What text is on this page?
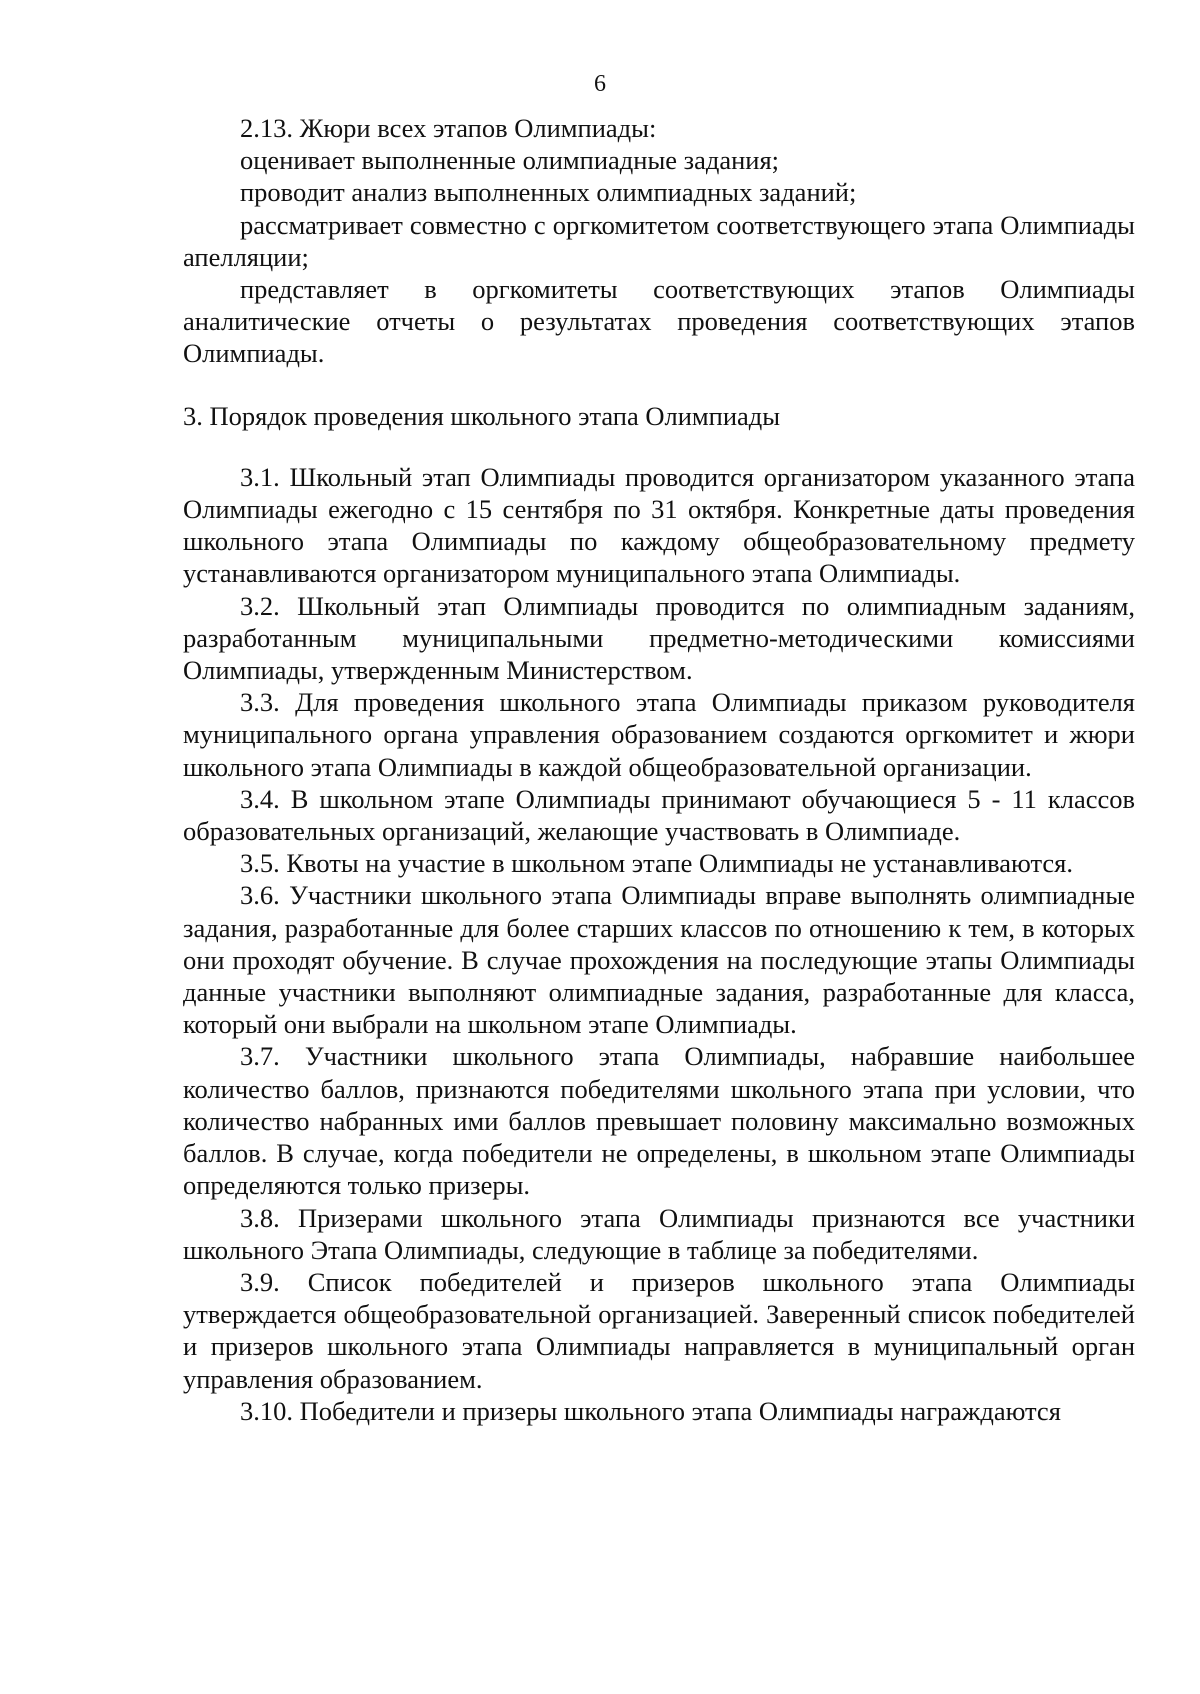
6

2.13. Жюри всех этапов Олимпиады:

оценивает выполненные олимпиадные задания;

проводит анализ выполненных олимпиадных заданий;

рассматривает совместно с оргкомитетом соответствующего этапа Олимпиады апелляции;

представляет в оргкомитеты соответствующих этапов Олимпиады аналитические отчеты о результатах проведения соответствующих этапов Олимпиады.

3. Порядок проведения школьного этапа Олимпиады

3.1. Школьный этап Олимпиады проводится организатором указанного этапа Олимпиады ежегодно с 15 сентября по 31 октября. Конкретные даты проведения школьного этапа Олимпиады по каждому общеобразовательному предмету устанавливаются организатором муниципального этапа Олимпиады.

3.2. Школьный этап Олимпиады проводится по олимпиадным заданиям, разработанным муниципальными предметно-методическими комиссиями Олимпиады, утвержденным Министерством.

3.3. Для проведения школьного этапа Олимпиады приказом руководителя муниципального органа управления образованием создаются оргкомитет и жюри школьного этапа Олимпиады в каждой общеобразовательной организации.

3.4. В школьном этапе Олимпиады принимают обучающиеся 5 - 11 классов образовательных организаций, желающие участвовать в Олимпиаде.

3.5. Квоты на участие в школьном этапе Олимпиады не устанавливаются.

3.6. Участники школьного этапа Олимпиады вправе выполнять олимпиадные задания, разработанные для более старших классов по отношению к тем, в которых они проходят обучение. В случае прохождения на последующие этапы Олимпиады данные участники выполняют олимпиадные задания, разработанные для класса, который они выбрали на школьном этапе Олимпиады.

3.7. Участники школьного этапа Олимпиады, набравшие наибольшее количество баллов, признаются победителями школьного этапа при условии, что количество набранных ими баллов превышает половину максимально возможных баллов. В случае, когда победители не определены, в школьном этапе Олимпиады определяются только призеры.

3.8. Призерами школьного этапа Олимпиады признаются все участники школьного Этапа Олимпиады, следующие в таблице за победителями.

3.9. Список победителей и призеров школьного этапа Олимпиады утверждается общеобразовательной организацией. Заверенный список победителей и призеров школьного этапа Олимпиады направляется в муниципальный орган управления образованием.

3.10. Победители и призеры школьного этапа Олимпиады награждаются
